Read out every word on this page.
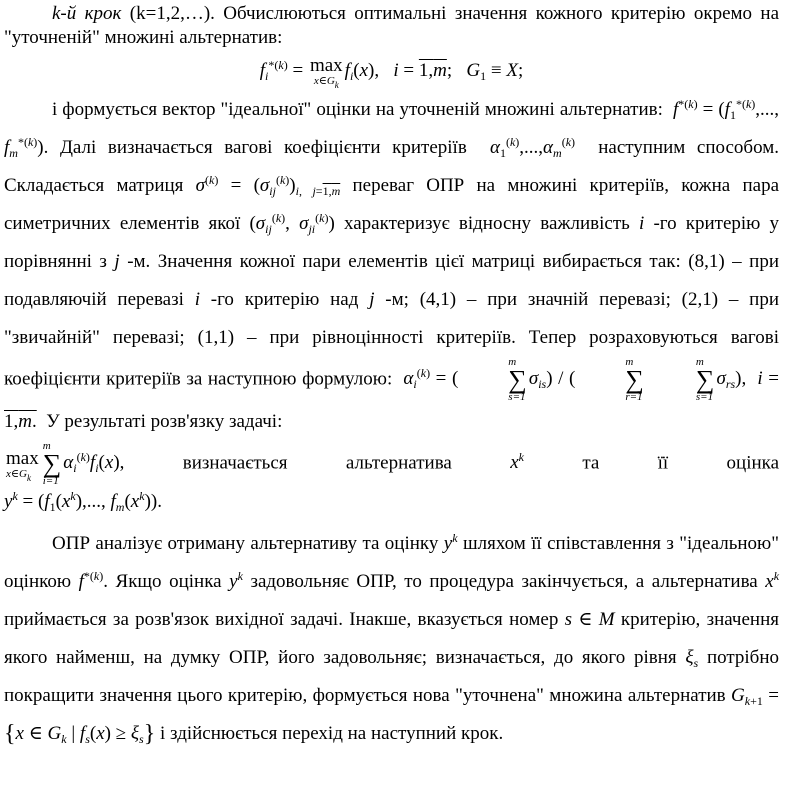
k-й крок (k=1,2,…). Обчислюються оптимальні значення кожного критерію окремо на "уточненій" множині альтернатив:

$f_i^{*(k)} = \max$
$x\in G_k$
$f_i(x)$,   i = 1,m;   $G_1 \equiv X$;

і формується вектор "ідеальної" оцінки на уточненій множині альтернатив: $f^{*(k)} = (f_1^{*(k)}$,..., $f_m^{*(k)}$). Далі визначається вагові коефіцієнти критеріїв $\alpha_1^{(k)},...,\alpha_m^{(k)}$ наступним способом. Складається матриця $\sigma^{(k)} = (\sigma_{ij}^{(k)})_{i, j=1,m}$ переваг ОПР на множині критеріїв, кожна пара симетричних елементів якої ($\sigma_{ij}^{(k)}$, $\sigma_{ji}^{(k)}$) характеризує відносну важливість i -го критерію у порівнянні з j -м. Значення кожної пари елементів цієї матриці вибирається так: (8,1) – при подавляючій перевазі i -го критерію над j -м; (4,1) – при значній перевазі; (2,1) – при "звичайній" перевазі; (1,1) – при рівноцінності критеріїв. Тепер розраховуються вагові коефіцієнти критеріїв за наступною формулою: $\alpha_i^{(k)}$ = (
m
∑
s=1
$\sigma_{is}$) / (
m
∑
r=1
m
∑
s=1
$\sigma_{rs}$),  i = 1,m. У результаті розв'язку задачі:

max
$x\in G_k$
m
∑
i=1
$\alpha_i^{(k)}f_i(x)$,	визначається	альтернатива	$x^k$	та	її	оцінка

$y^k = (f_1(x^k)$,..., $f_m(x^k)$).

ОПР аналізує отриману альтернативу та оцінку $y^k$ шляхом її співставлення з "ідеальною" оцінкою $f^{*(k)}$. Якщо оцінка $y^k$ задовольняє ОПР, то процедура закінчується, а альтернатива $x^k$ приймається за розв'язок вихідної задачі. Інакше, вказується номер s ∈ M критерію, значення якого найменш, на думку ОПР, його задовольняє; визначається, до якого рівня $\xi_s$ потрібно покращити значення цього критерію, формується нова "уточнена" множина альтернатив $G_{k+1} = \{x$ ∈ $G_k$ | $f_s(x) \ge \xi_s$} і здійснюється перехід на наступний крок.
